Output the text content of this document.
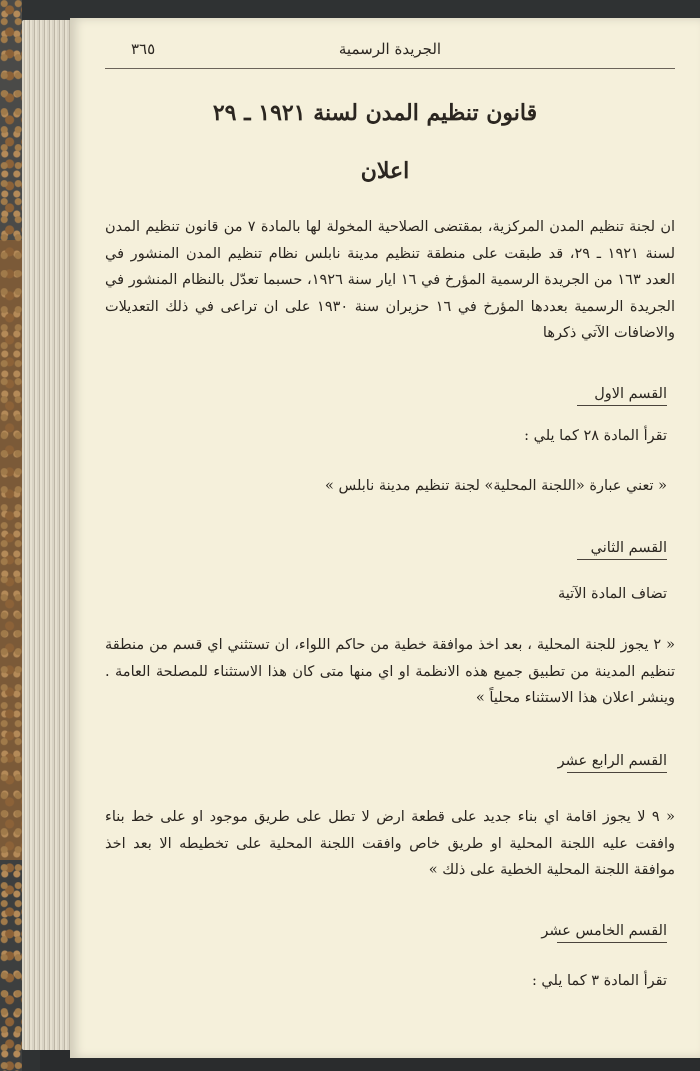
٣٦٥	الجريدة الرسمية
قانون تنظيم المدن لسنة ١٩٢١ ـ ٢٩
اعلان
ان لجنة تنظيم المدن المركزية، بمقتضى الصلاحية المخولة لها بالمادة ٧ من قانون تنظيم المدن لسنة ١٩٢١ ـ ٢٩، قد طبقت على منطقة تنظيم مدينة نابلس نظام تنظيم المدن المنشور في العدد ١٦٣ من الجريدة الرسمية المؤرخ في ١٦ ايار سنة ١٩٢٦، حسبما تعدّل بالنظام المنشور في الجريدة الرسمية بعددها المؤرخ في ١٦ حزيران سنة ١٩٣٠ على ان تراعى في ذلك التعديلات والاضافات الآتي ذكرها
القسم الاول
تقرأ المادة ٢٨ كما يلي :
« تعني عبارة «اللجنة المحلية» لجنة تنظيم مدينة نابلس »
القسم الثاني
تضاف المادة الآتية
« ٢ يجوز للجنة المحلية ، بعد اخذ موافقة خطية من حاكم اللواء، ان تستثني اي قسم من منطقة تنظيم المدينة من تطبيق جميع هذه الانظمة او اي منها متى كان هذا الاستثناء للمصلحة العامة . وينشر اعلان هذا الاستثناء محلياً »
القسم الرابع عشر
« ٩ لا يجوز اقامة اي بناء جديد على قطعة ارض لا تطل على طريق موجود او على خط بناء وافقت عليه اللجنة المحلية او طريق خاص وافقت اللجنة المحلية على تخطيطه الا بعد اخذ موافقة اللجنة المحلية الخطية على ذلك »
القسم الخامس عشر
تقرأ المادة ٣ كما يلي :
